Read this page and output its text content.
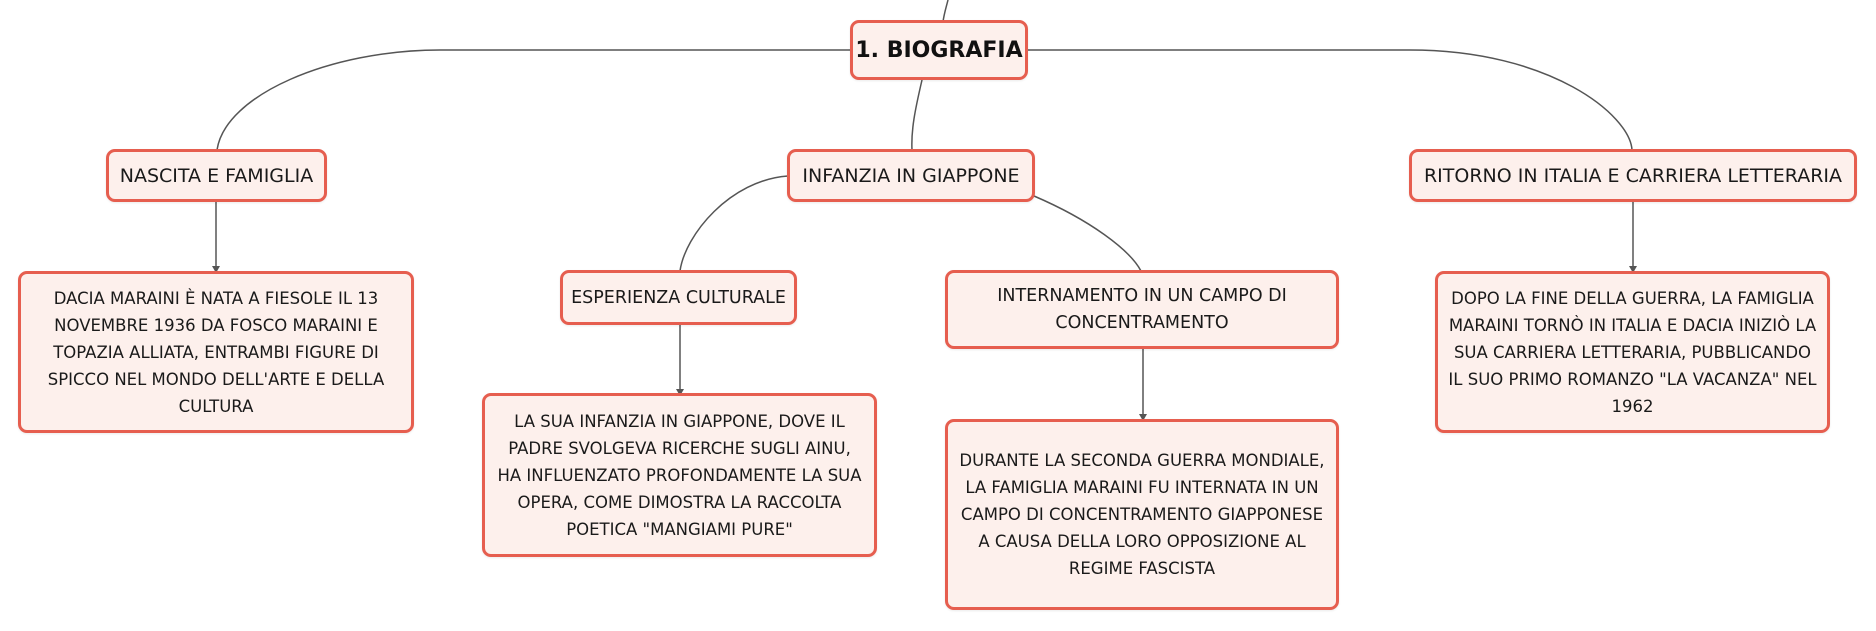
1. BIOGRAFIA
NASCITA E FAMIGLIA	INFANZIA IN GIAPPONE	RITORNO IN ITALIA E CARRIERA LETTERARIA
ESPERIENZA CULTURALE	INTERNAMENTO IN UN CAMPO DI CONCENTRAMENTO
DACIA MARAINI È NATA A FIESOLE IL 13 NOVEMBRE 1936 DA FOSCO MARAINI E TOPAZIA ALLIATA, ENTRAMBI FIGURE DI SPICCO NEL MONDO DELL'ARTE E DELLA CULTURA
LA SUA INFANZIA IN GIAPPONE, DOVE IL PADRE SVOLGEVA RICERCHE SUGLI AINU, HA INFLUENZATO PROFONDAMENTE LA SUA OPERA, COME DIMOSTRA LA RACCOLTA POETICA "MANGIAMI PURE"
DURANTE LA SECONDA GUERRA MONDIALE, LA FAMIGLIA MARAINI FU INTERNATA IN UN CAMPO DI CONCENTRAMENTO GIAPPONESE A CAUSA DELLA LORO OPPOSIZIONE AL REGIME FASCISTA
DOPO LA FINE DELLA GUERRA, LA FAMIGLIA MARAINI TORNÒ IN ITALIA E DACIA INIZIÒ LA SUA CARRIERA LETTERARIA, PUBBLICANDO IL SUO PRIMO ROMANZO "LA VACANZA" NEL 1962
